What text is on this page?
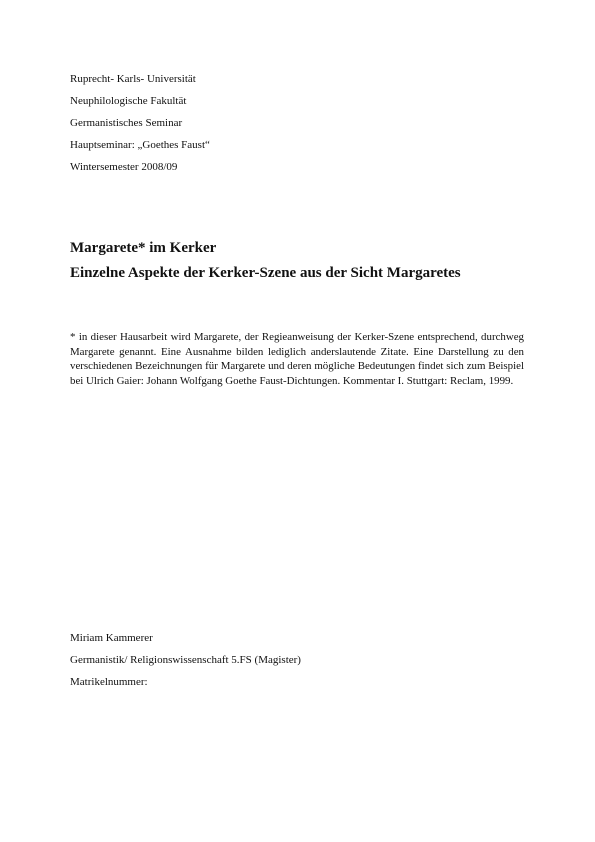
Ruprecht- Karls- Universität
Neuphilologische Fakultät
Germanistisches Seminar
Hauptseminar: „Goethes Faust“
Wintersemester 2008/09
Margarete* im Kerker
Einzelne Aspekte der Kerker-Szene aus der Sicht Margaretes
* in dieser Hausarbeit wird Margarete, der Regieanweisung der Kerker-Szene entsprechend, durchweg Margarete genannt. Eine Ausnahme bilden lediglich anderslautende Zitate. Eine Darstellung zu den verschiedenen Bezeichnungen für Margarete und deren mögliche Bedeutungen findet sich zum Beispiel bei Ulrich Gaier: Johann Wolfgang Goethe Faust-Dichtungen. Kommentar I. Stuttgart: Reclam, 1999.
Miriam Kammerer
Germanistik/ Religionswissenschaft 5.FS (Magister)
Matrikelnummer:
